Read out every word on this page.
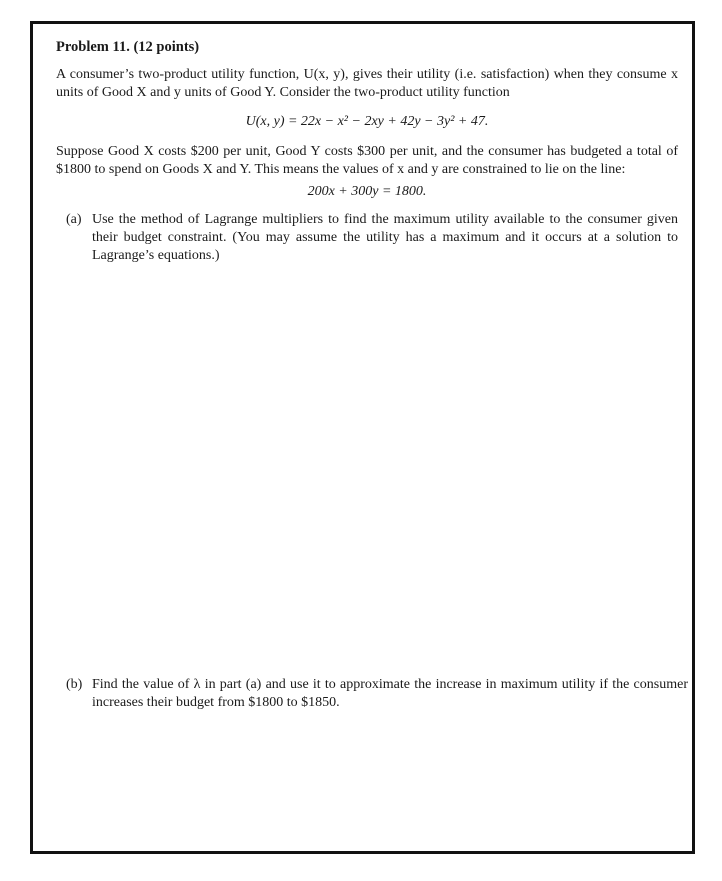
Problem 11. (12 points)

A consumer’s two-product utility function, U(x, y), gives their utility (i.e. satisfaction) when they consume x units of Good X and y units of Good Y. Consider the two-product utility function

U(x, y) = 22x − x² − 2xy + 42y − 3y² + 47.

Suppose Good X costs $200 per unit, Good Y costs $300 per unit, and the consumer has budgeted a total of $1800 to spend on Goods X and Y. This means the values of x and y are constrained to lie on the line:

200x + 300y = 1800.
(a) Use the method of Lagrange multipliers to find the maximum utility available to the consumer given their budget constraint. (You may assume the utility has a maximum and it occurs at a solution to Lagrange’s equations.)
(b) Find the value of λ in part (a) and use it to approximate the increase in maximum utility if the consumer increases their budget from $1800 to $1850.
